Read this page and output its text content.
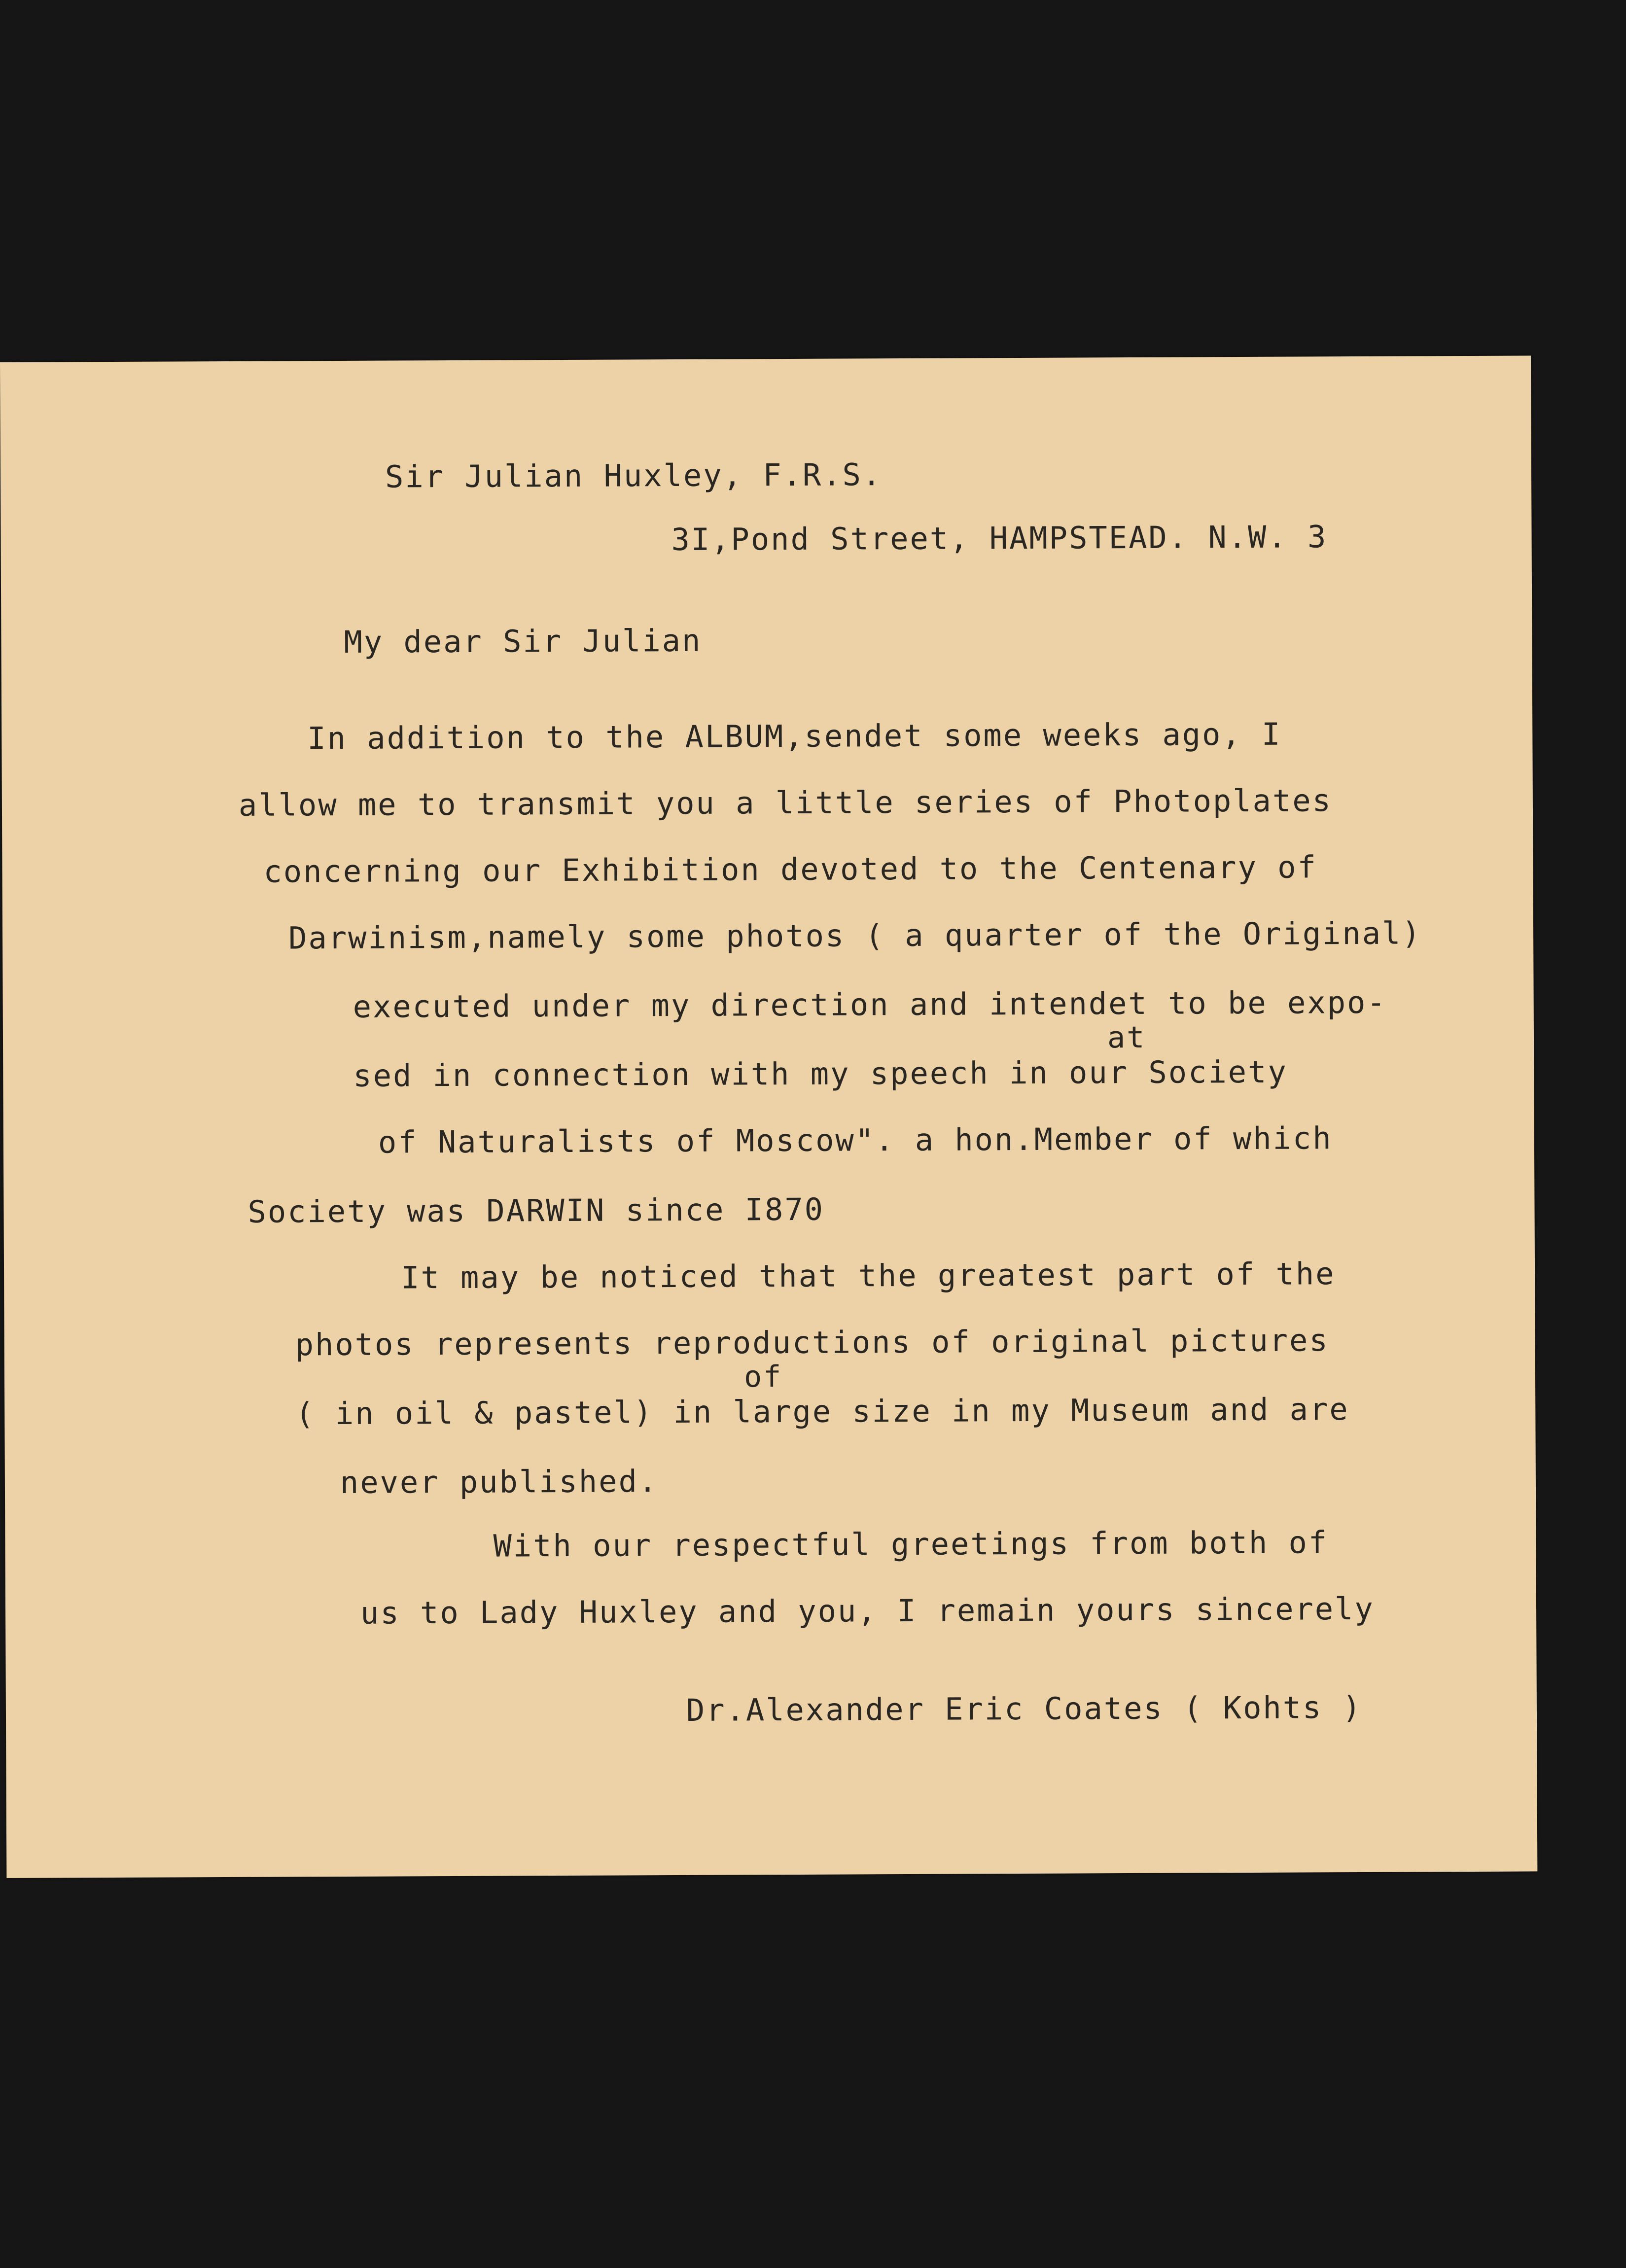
Sir Julian Huxley, F.R.S.
3I,Pond Street, HAMPSTEAD. N.W. 3
My dear Sir Julian
In addition to the ALBUM,sendet some weeks ago, I
allow me to transmit you a little series of Photoplates
concerning our Exhibition devoted to the Centenary of
Darwinism,namely some photos ( a quarter of the Original)
executed under my direction and intendet to be expo-
at
sed in connection with my speech in our Society
of Naturalists of Moscow". a hon.Member of which
Society was DARWIN since I870
It may be noticed that the greatest part of the
photos represents reproductions of original pictures
of
( in oil & pastel) in large size in my Museum and are
never published.
With our respectful greetings from both of
us to Lady Huxley and you, I remain yours sincerely
Dr.Alexander Eric Coates ( Kohts )
